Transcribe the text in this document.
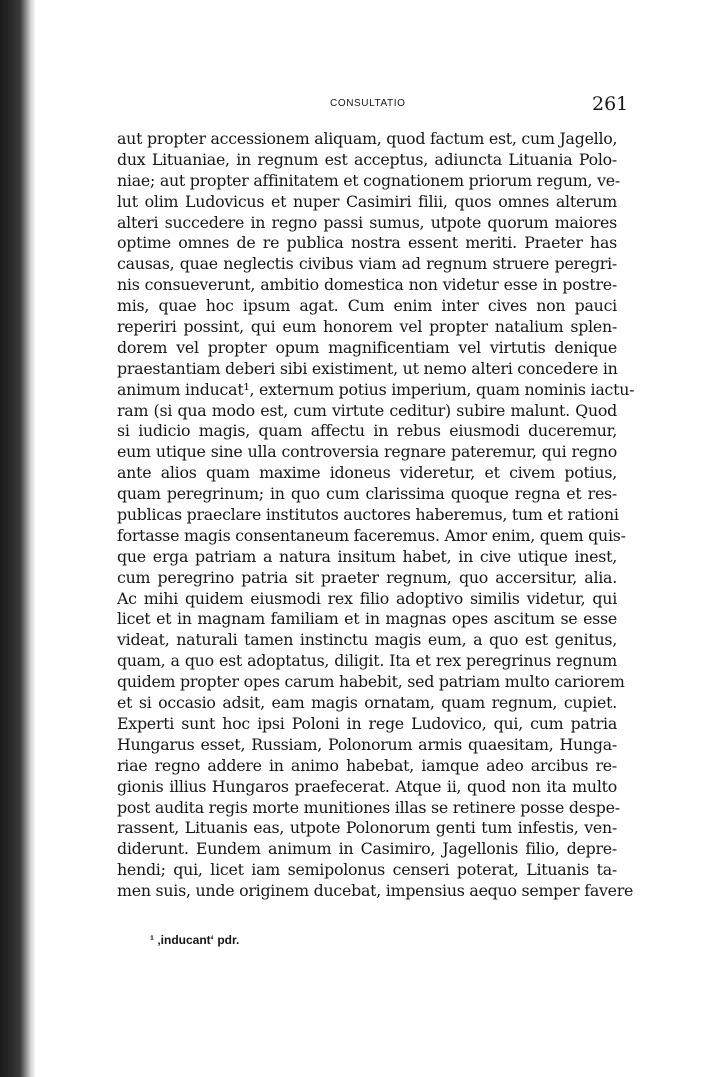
CONSULTATIO	261
aut propter accessionem aliquam, quod factum est, cum Jagello,
dux Lituaniae, in regnum est acceptus, adiuncta Lituania Polo-
niae; aut propter affinitatem et cognationem priorum regum, ve-
lut olim Ludovicus et nuper Casimiri filii, quos omnes alterum
alteri succedere in regno passi sumus, utpote quorum maiores
optime omnes de re publica nostra essent meriti. Praeter has
causas, quae neglectis civibus viam ad regnum struere peregri-
nis consueverunt, ambitio domestica non videtur esse in postre-
mis, quae hoc ipsum agat. Cum enim inter cives non pauci
reperiri possint, qui eum honorem vel propter natalium splen-
dorem vel propter opum magnificentiam vel virtutis denique
praestantiam deberi sibi existiment, ut nemo alteri concedere in
animum inducat¹, externum potius imperium, quam nominis iactu-
ram (si qua modo est, cum virtute ceditur) subire malunt. Quod
si iudicio magis, quam affectu in rebus eiusmodi duceremur,
eum utique sine ulla controversia regnare pateremur, qui regno
ante alios quam maxime idoneus videretur, et civem potius,
quam peregrinum; in quo cum clarissima quoque regna et res-
publicas praeclare institutos auctores haberemus, tum et rationi
fortasse magis consentaneum faceremus. Amor enim, quem quis-
que erga patriam a natura insitum habet, in cive utique inest,
cum peregrino patria sit praeter regnum, quo accersitur, alia.
Ac mihi quidem eiusmodi rex filio adoptivo similis videtur, qui
licet et in magnam familiam et in magnas opes ascitum se esse
videat, naturali tamen instinctu magis eum, a quo est genitus,
quam, a quo est adoptatus, diligit. Ita et rex peregrinus regnum
quidem propter opes carum habebit, sed patriam multo cariorem
et si occasio adsit, eam magis ornatam, quam regnum, cupiet.
Experti sunt hoc ipsi Poloni in rege Ludovico, qui, cum patria
Hungarus esset, Russiam, Polonorum armis quaesitam, Hunga-
riae regno addere in animo habebat, iamque adeo arcibus re-
gionis illius Hungaros praefecerat. Atque ii, quod non ita multo
post audita regis morte munitiones illas se retinere posse despe-
rassent, Lituanis eas, utpote Polonorum genti tum infestis, ven-
diderunt. Eundem animum in Casimiro, Jagellonis filio, depre-
hendi; qui, licet iam semipolonus censeri poterat, Lituanis ta-
men suis, unde originem ducebat, impensius aequo semper favere
¹ ‚inducant‘ pdr.
